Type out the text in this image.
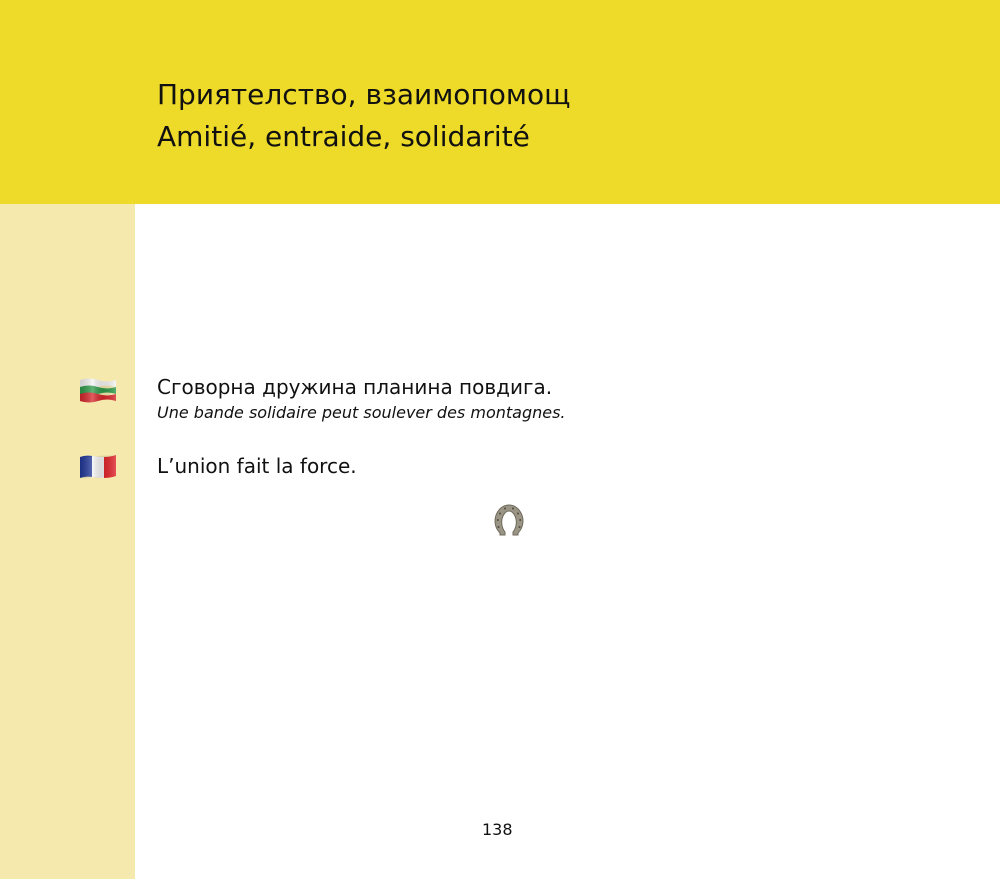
Приятелство, взаимопомощ
Amitié, entraide, solidarité
Сговорна дружина планина повдига.
Une bande solidaire peut soulever des montagnes.
L’union fait la force.
138
